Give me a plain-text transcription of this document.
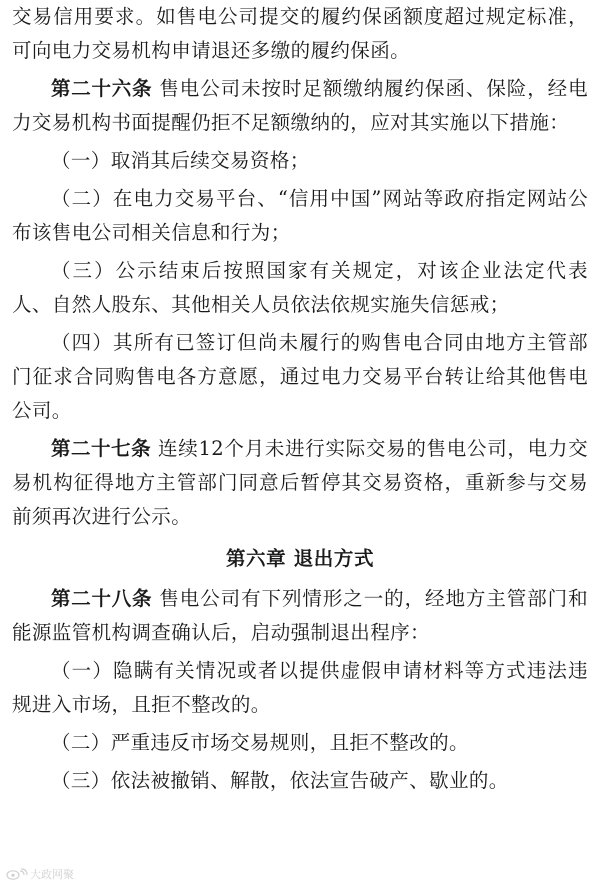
交易信用要求。如售电公司提交的履约保函额度超过规定标准，可向电力交易机构申请退还多缴的履约保函。

第二十六条 售电公司未按时足额缴纳履约保函、保险，经电力交易机构书面提醒仍拒不足额缴纳的，应对其实施以下措施：

（一）取消其后续交易资格；

（二）在电力交易平台、“信用中国”网站等政府指定网站公布该售电公司相关信息和行为；

（三）公示结束后按照国家有关规定，对该企业法定代表人、自然人股东、其他相关人员依法依规实施失信惩戒；

（四）其所有已签订但尚未履行的购售电合同由地方主管部门征求合同购售电各方意愿，通过电力交易平台转让给其他售电公司。

第二十七条 连续12个月未进行实际交易的售电公司，电力交易机构征得地方主管部门同意后暂停其交易资格，重新参与交易前须再次进行公示。

第六章 退出方式

第二十八条 售电公司有下列情形之一的，经地方主管部门和能源监管机构调查确认后，启动强制退出程序：

（一）隐瞒有关情况或者以提供虚假申请材料等方式违法违规进入市场，且拒不整改的。

（二）严重违反市场交易规则，且拒不整改的。

（三）依法被撤销、解散，依法宣告破产、歇业的。

大政网聚
